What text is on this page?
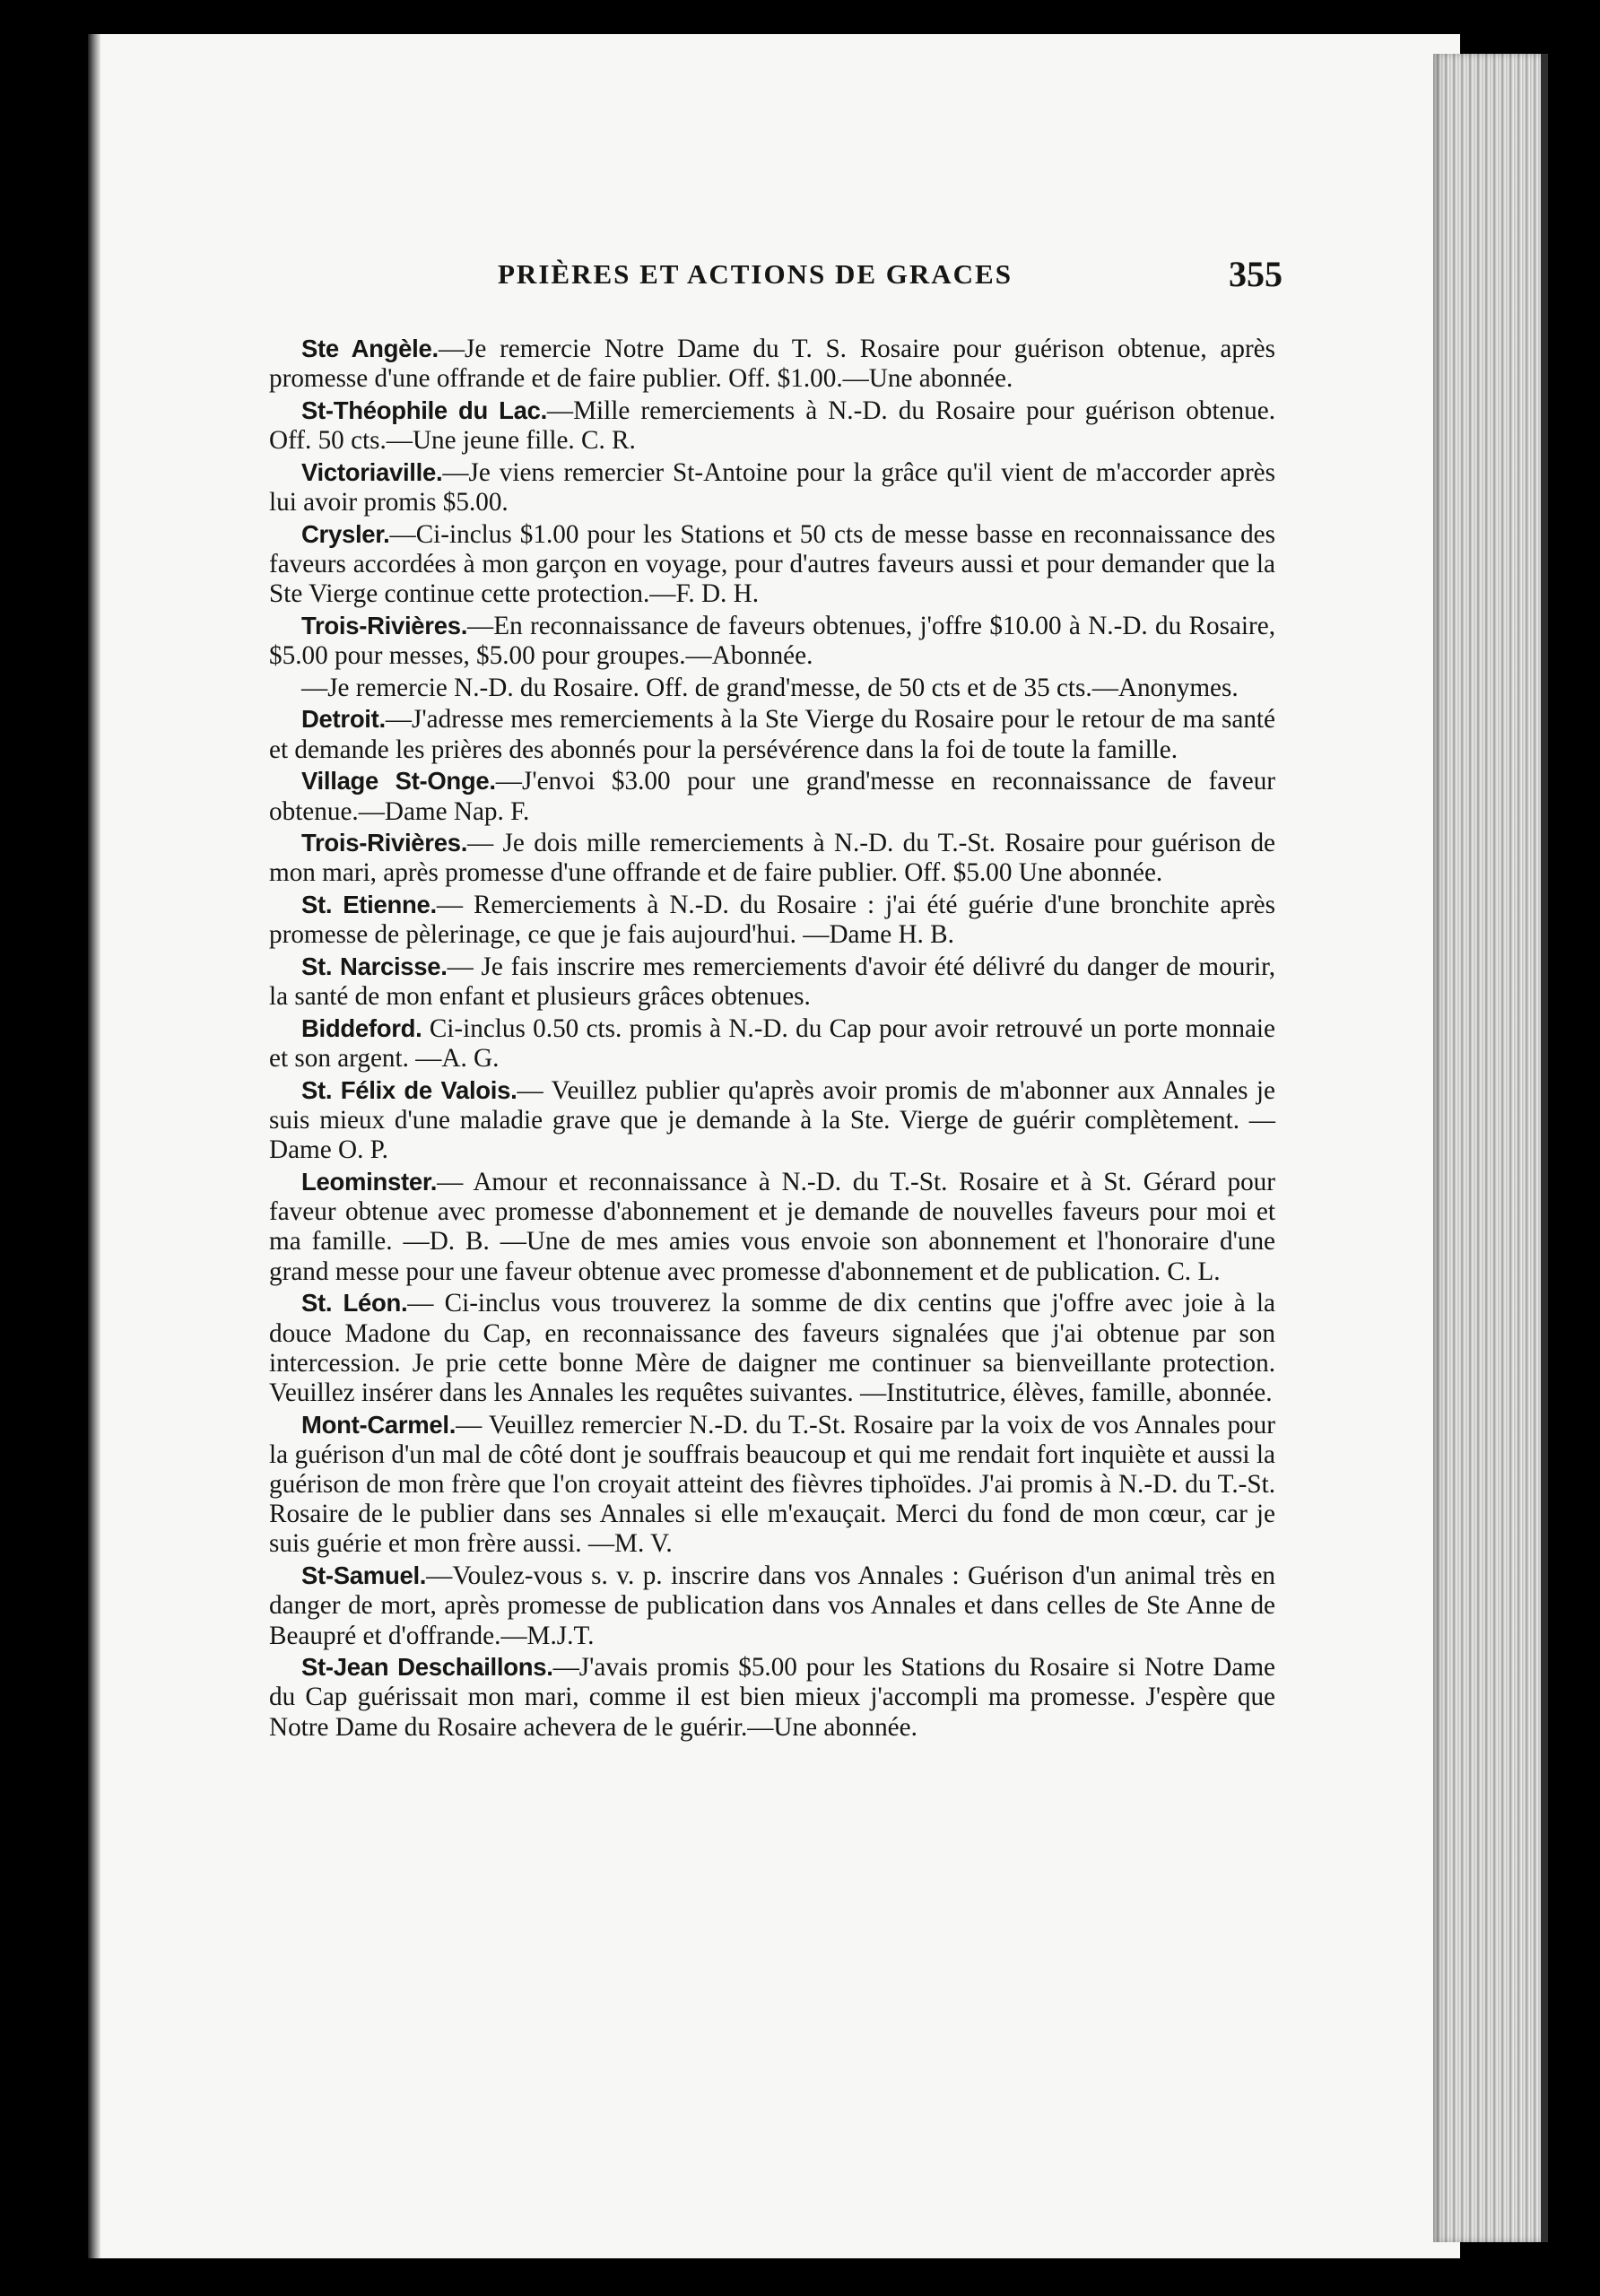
PRIÈRES ET ACTIONS DE GRACES	355

Ste Angèle.—Je remercie Notre Dame du T. S. Rosaire pour guérison obtenue, après promesse d'une offrande et de faire publier. Off. $1.00.—Une abonnée.

St-Théophile du Lac.—Mille remerciements à N.-D. du Rosaire pour guérison obtenue. Off. 50 cts.—Une jeune fille. C. R.

Victoriaville.—Je viens remercier St-Antoine pour la grâce qu'il vient de m'accorder après lui avoir promis $5.00.

Crysler.—Ci-inclus $1.00 pour les Stations et 50 cts de messe basse en reconnaissance des faveurs accordées à mon garçon en voyage, pour d'autres faveurs aussi et pour demander que la Ste Vierge continue cette protection.—F. D. H.

Trois-Rivières.—En reconnaissance de faveurs obtenues, j'offre $10.00 à N.-D. du Rosaire, $5.00 pour messes, $5.00 pour groupes.—Abonnée.

—Je remercie N.-D. du Rosaire. Off. de grand'messe, de 50 cts et de 35 cts.—Anonymes.

Detroit.—J'adresse mes remerciements à la Ste Vierge du Rosaire pour le retour de ma santé et demande les prières des abonnés pour la persévérence dans la foi de toute la famille.

Village St-Onge.—J'envoi $3.00 pour une grand'messe en reconnaissance de faveur obtenue.—Dame Nap. F.

Trois-Rivières.— Je dois mille remerciements à N.-D. du T.-St. Rosaire pour guérison de mon mari, après promesse d'une offrande et de faire publier. Off. $5.00 Une abonnée.

St. Etienne.— Remerciements à N.-D. du Rosaire : j'ai été guérie d'une bronchite après promesse de pèlerinage, ce que je fais aujourd'hui. —Dame H. B.

St. Narcisse.— Je fais inscrire mes remerciements d'avoir été délivré du danger de mourir, la santé de mon enfant et plusieurs grâces obtenues.

Biddeford. Ci-inclus 0.50 cts. promis à N.-D. du Cap pour avoir retrouvé un porte monnaie et son argent. —A. G.

St. Félix de Valois.— Veuillez publier qu'après avoir promis de m'abonner aux Annales je suis mieux d'une maladie grave que je demande à la Ste. Vierge de guérir complètement. —Dame O. P.

Leominster.— Amour et reconnaissance à N.-D. du T.-St. Rosaire et à St. Gérard pour faveur obtenue avec promesse d'abonnement et je demande de nouvelles faveurs pour moi et ma famille. —D. B. —Une de mes amies vous envoie son abonnement et l'honoraire d'une grand messe pour une faveur obtenue avec promesse d'abonnement et de publication. C. L.

St. Léon.— Ci-inclus vous trouverez la somme de dix centins que j'offre avec joie à la douce Madone du Cap, en reconnaissance des faveurs signalées que j'ai obtenue par son intercession. Je prie cette bonne Mère de daigner me continuer sa bienveillante protection. Veuillez insérer dans les Annales les requêtes suivantes. —Institutrice, élèves, famille, abonnée.

Mont-Carmel.— Veuillez remercier N.-D. du T.-St. Rosaire par la voix de vos Annales pour la guérison d'un mal de côté dont je souffrais beaucoup et qui me rendait fort inquiète et aussi la guérison de mon frère que l'on croyait atteint des fièvres tiphoïdes. J'ai promis à N.-D. du T.-St. Rosaire de le publier dans ses Annales si elle m'exauçait. Merci du fond de mon cœur, car je suis guérie et mon frère aussi. —M. V.

St-Samuel.—Voulez-vous s. v. p. inscrire dans vos Annales : Guérison d'un animal très en danger de mort, après promesse de publication dans vos Annales et dans celles de Ste Anne de Beaupré et d'offrande.—M.J.T.

St-Jean Deschaillons.—J'avais promis $5.00 pour les Stations du Rosaire si Notre Dame du Cap guérissait mon mari, comme il est bien mieux j'accompli ma promesse. J'espère que Notre Dame du Rosaire achevera de le guérir.—Une abonnée.
